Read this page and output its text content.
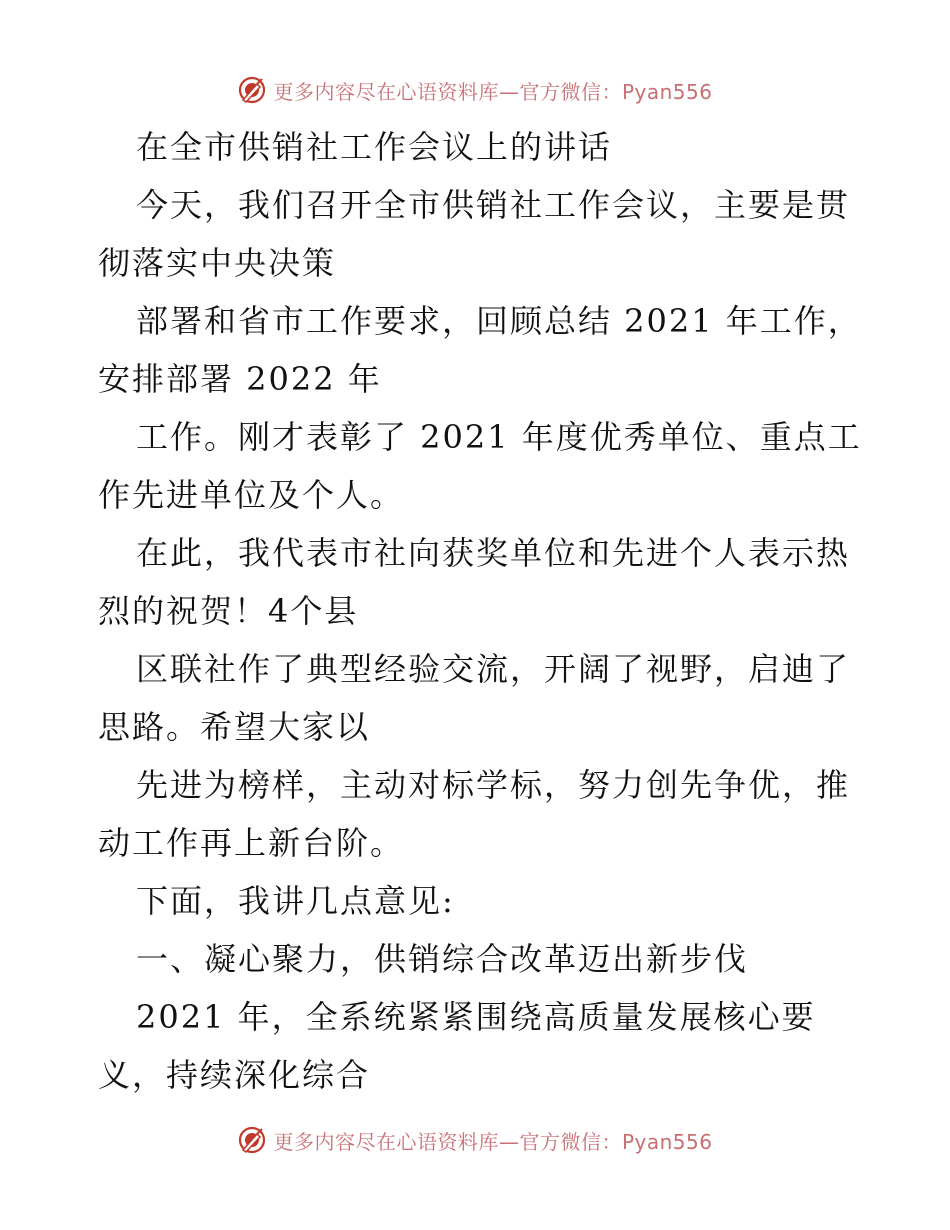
更多内容尽在心语资料库—官方微信：Pyan556
在全市供销社工作会议上的讲话
今天，我们召开全市供销社工作会议，主要是贯
彻落实中央决策
部署和省市工作要求，回顾总结 2021 年工作，
安排部署 2022 年
工作。刚才表彰了 2021 年度优秀单位、重点工
作先进单位及个人。
在此，我代表市社向获奖单位和先进个人表示热
烈的祝贺！4个县
区联社作了典型经验交流，开阔了视野，启迪了
思路。希望大家以
先进为榜样，主动对标学标，努力创先争优，推
动工作再上新台阶。
下面，我讲几点意见:
一、凝心聚力，供销综合改革迈出新步伐
2021 年，全系统紧紧围绕高质量发展核心要
义，持续深化综合
更多内容尽在心语资料库—官方微信：Pyan556
